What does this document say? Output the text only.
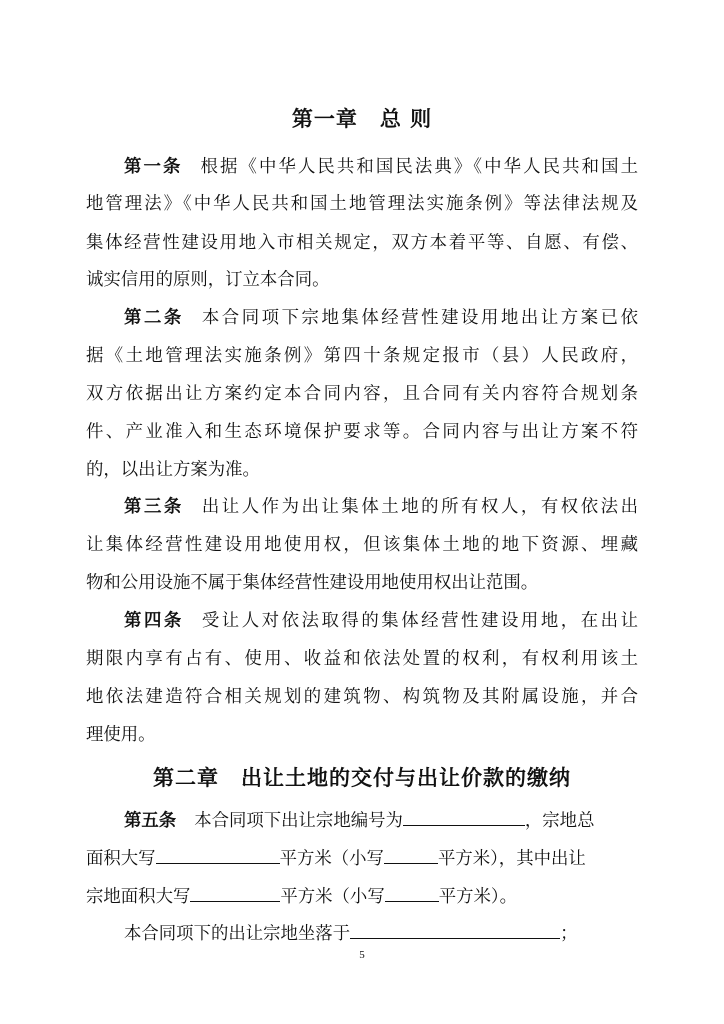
第一章 总 则
第一条 根据《中华人民共和国民法典》《中华人民共和国土
地管理法》《中华人民共和国土地管理法实施条例》等法律法规及
集体经营性建设用地入市相关规定，双方本着平等、自愿、有偿、
诚实信用的原则，订立本合同。
第二条 本合同项下宗地集体经营性建设用地出让方案已依
据《土地管理法实施条例》第四十条规定报市（县）人民政府，
双方依据出让方案约定本合同内容，且合同有关内容符合规划条
件、产业准入和生态环境保护要求等。合同内容与出让方案不符
的，以出让方案为准。
第三条 出让人作为出让集体土地的所有权人，有权依法出
让集体经营性建设用地使用权，但该集体土地的地下资源、埋藏
物和公用设施不属于集体经营性建设用地使用权出让范围。
第四条 受让人对依法取得的集体经营性建设用地，在出让
期限内享有占有、使用、收益和依法处置的权利，有权利用该土
地依法建造符合相关规划的建筑物、构筑物及其附属设施，并合
理使用。
第二章 出让土地的交付与出让价款的缴纳
第五条 本合同项下出让宗地编号为	，宗地总
面积大写	平方米（小写	平方米），其中出让
宗地面积大写	平方米（小写	平方米）。
本合同项下的出让宗地坐落于	；
5
